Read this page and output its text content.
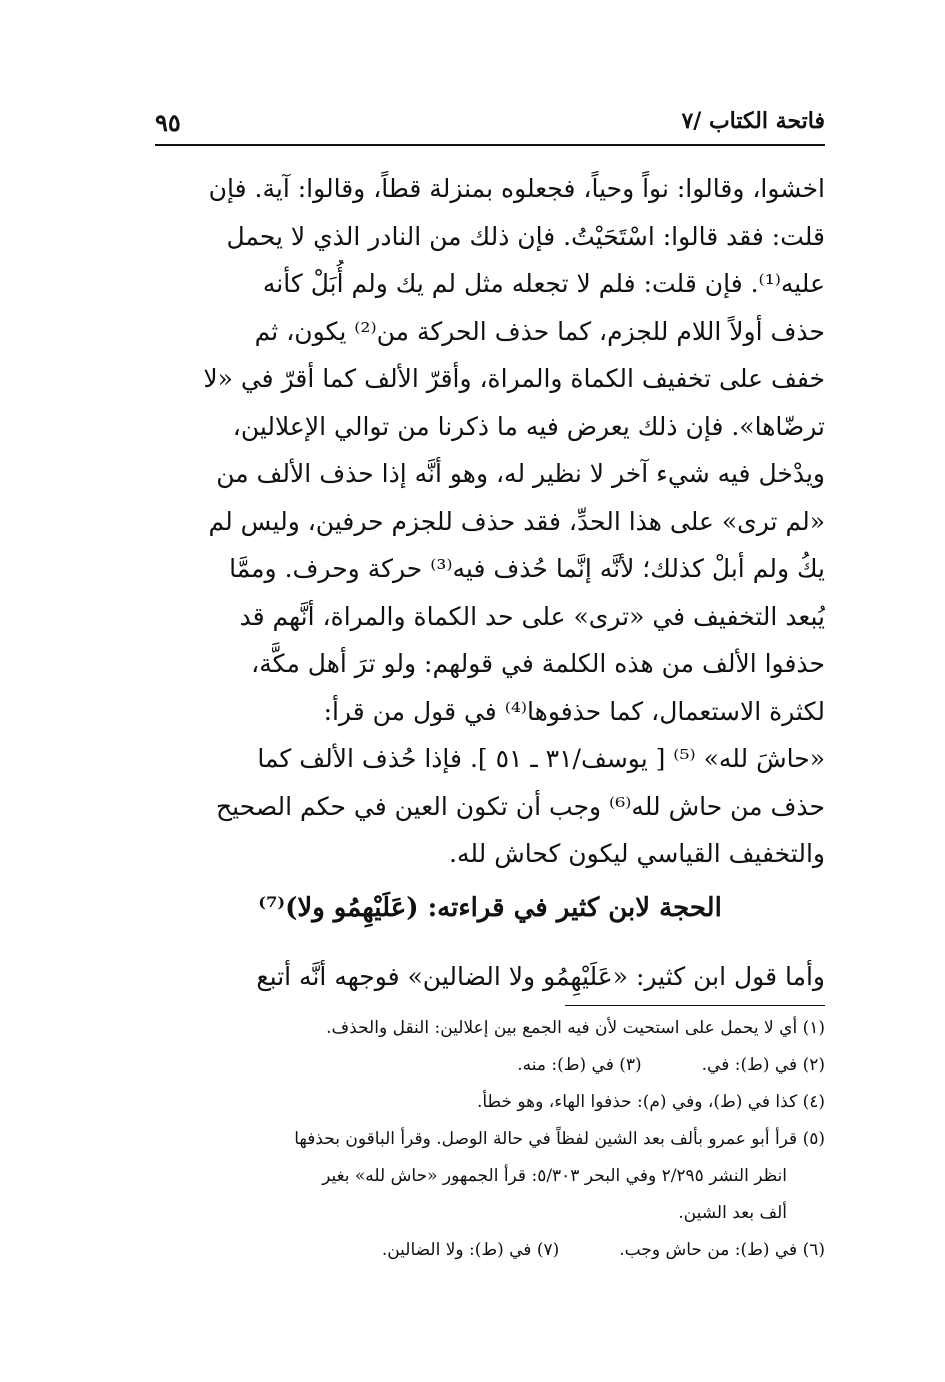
فاتحة الكتاب /٧
٩٥
اخشوا، وقالوا: نواً وحياً، فجعلوه بمنزلة قطاً، وقالوا: آية. فإن
قلت: فقد قالوا: اسْتَحَيْتُ. فإن ذلك من النادر الذي لا يحمل
عليه⁽¹⁾. فإن قلت: فلم لا تجعله مثل لم يك ولم أُبَلْ كأنه
حذف أولاً اللام للجزم، كما حذف الحركة من⁽²⁾ يكون، ثم
خفف على تخفيف الكماة والمراة، وأقرّ الألف كما أقرّ في «لا
ترضّاها». فإن ذلك يعرض فيه ما ذكرنا من توالي الإعلالين،
ويدْخل فيه شيء آخر لا نظير له، وهو أنَّه إذا حذف الألف من
«لم ترى» على هذا الحدِّ، فقد حذف للجزم حرفين، وليس لم
يكُ ولم أبلْ كذلك؛ لأنَّه إنَّما حُذف فيه⁽³⁾ حركة وحرف. وممَّا
يُبعد التخفيف في «ترى» على حد الكماة والمراة، أنَّهم قد
حذفوا الألف من هذه الكلمة في قولهم: ولو ترَ أهل مكَّة،
لكثرة الاستعمال، كما حذفوها⁽⁴⁾ في قول من قرأ:
«حاشَ لله» ⁽⁵⁾ [ يوسف/٣١ ـ ٥١ ]. فإذا حُذف الألف كما
حذف من حاش لله⁽⁶⁾ وجب أن تكون العين في حكم الصحيح
والتخفيف القياسي ليكون كحاش لله.
الحجة لابن كثير في قراءته: (عَلَيْهِمُو ولا)⁽⁷⁾
وأما قول ابن كثير: «عَلَيْهِمُو ولا الضالين» فوجهه أنَّه أتبع
(١) أي لا يحمل على استحيت لأن فيه الجمع بين إعلالين: النقل والحذف.
(٢) في (ط): في.(٣) في (ط): منه.
(٤) كذا في (ط)، وفي (م): حذفوا الهاء، وهو خطأ.
(٥) قرأ أبو عمرو بألف بعد الشين لفظاً في حالة الوصل. وقرأ الباقون بحذفها
انظر النشر ٢/٢٩٥ وفي البحر ٥/٣٠٣: قرأ الجمهور «حاش لله» بغير
ألف بعد الشين.
(٦) في (ط): من حاش وجب.(٧) في (ط): ولا الضالين.
